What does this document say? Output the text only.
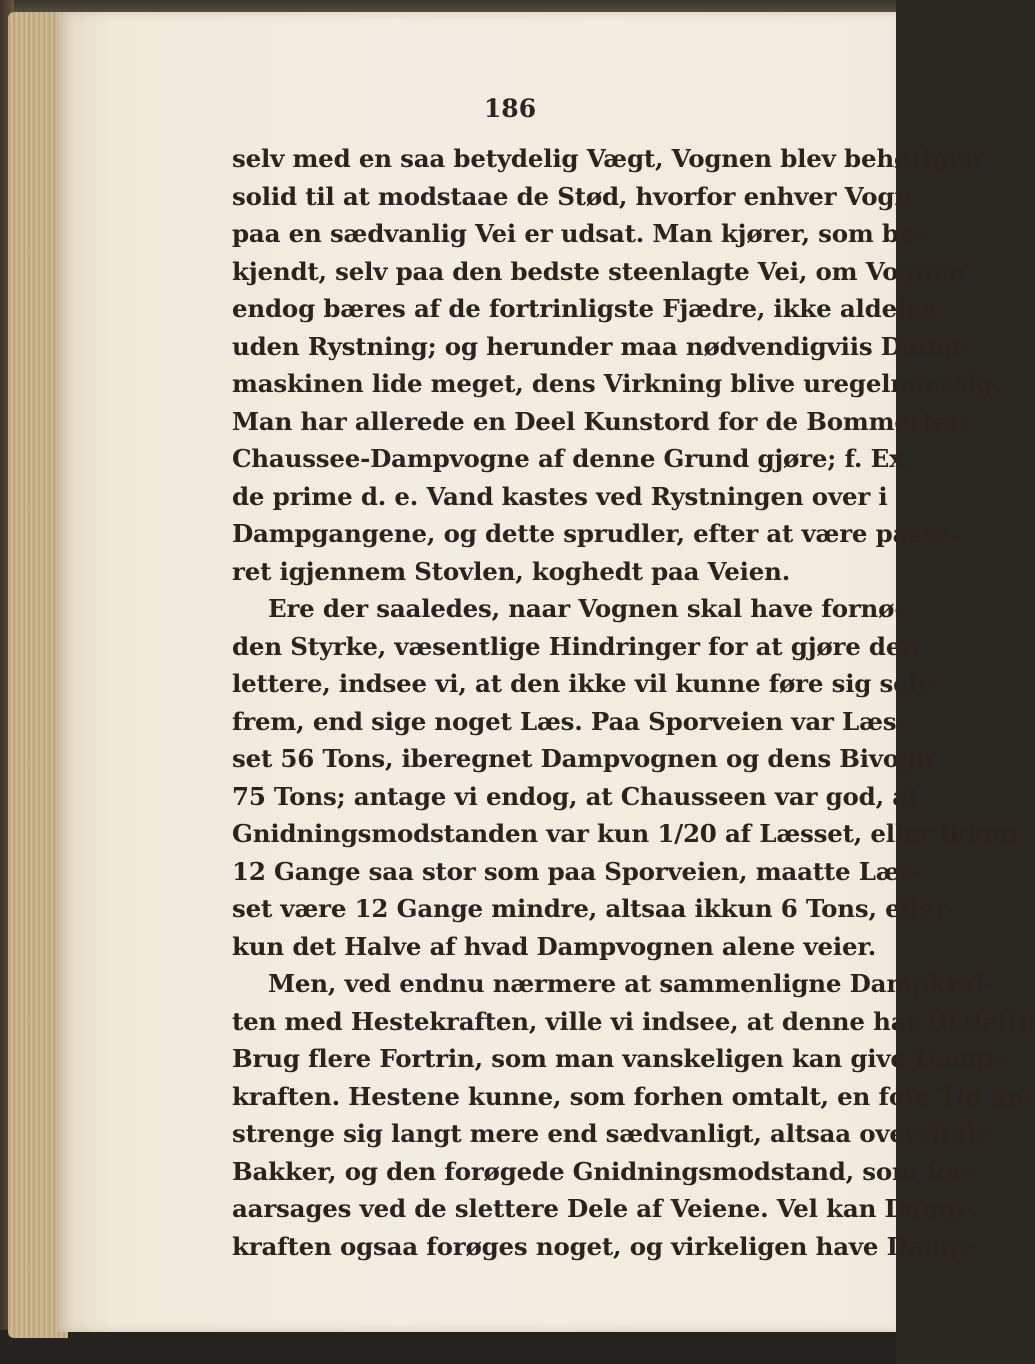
186
selv med en saa betydelig Vægt, Vognen blev behørigen
solid til at modstaae de Stød, hvorfor enhver Vogn
paa en sædvanlig Vei er udsat. Man kjører, som be-
kjendt, selv paa den bedste steenlagte Vei, om Vognen
endog bæres af de fortrinligste Fjædre, ikke aldeles
uden Rystning; og herunder maa nødvendigviis Damp-
maskinen lide meget, dens Virkning blive uregelmæssig.
Man har allerede en Deel Kunstord for de Bommerter,
Chaussee-Dampvogne af denne Grund gjøre; f. Ex.
de prime d. e. Vand kastes ved Rystningen over i
Dampgangene, og dette sprudler, efter at være passe-
ret igjennem Stovlen, koghedt paa Veien.
Ere der saaledes, naar Vognen skal have fornø-
den Styrke, væsentlige Hindringer for at gjøre den
lettere, indsee vi, at den ikke vil kunne føre sig selv
frem, end sige noget Læs. Paa Sporveien var Læs-
set 56 Tons, iberegnet Dampvognen og dens Bivogn
75 Tons; antage vi endog, at Chausseen var god, at
Gnidningsmodstanden var kun 1/20 af Læsset, eller ikkun
12 Gange saa stor som paa Sporveien, maatte Læs-
set være 12 Gange mindre, altsaa ikkun 6 Tons, eller
kun det Halve af hvad Dampvognen alene veier.
Men, ved endnu nærmere at sammenligne Dampkraf-
ten med Hestekraften, ville vi indsee, at denne har til dette
Brug flere Fortrin, som man vanskeligen kan give Damp-
kraften. Hestene kunne, som forhen omtalt, en foie Tid an-
strenge sig langt mere end sædvanligt, altsaa overvinde
Bakker, og den forøgede Gnidningsmodstand, som for-
aarsages ved de slettere Dele af Veiene. Vel kan Damp-
kraften ogsaa forøges noget, og virkeligen have Damp-
